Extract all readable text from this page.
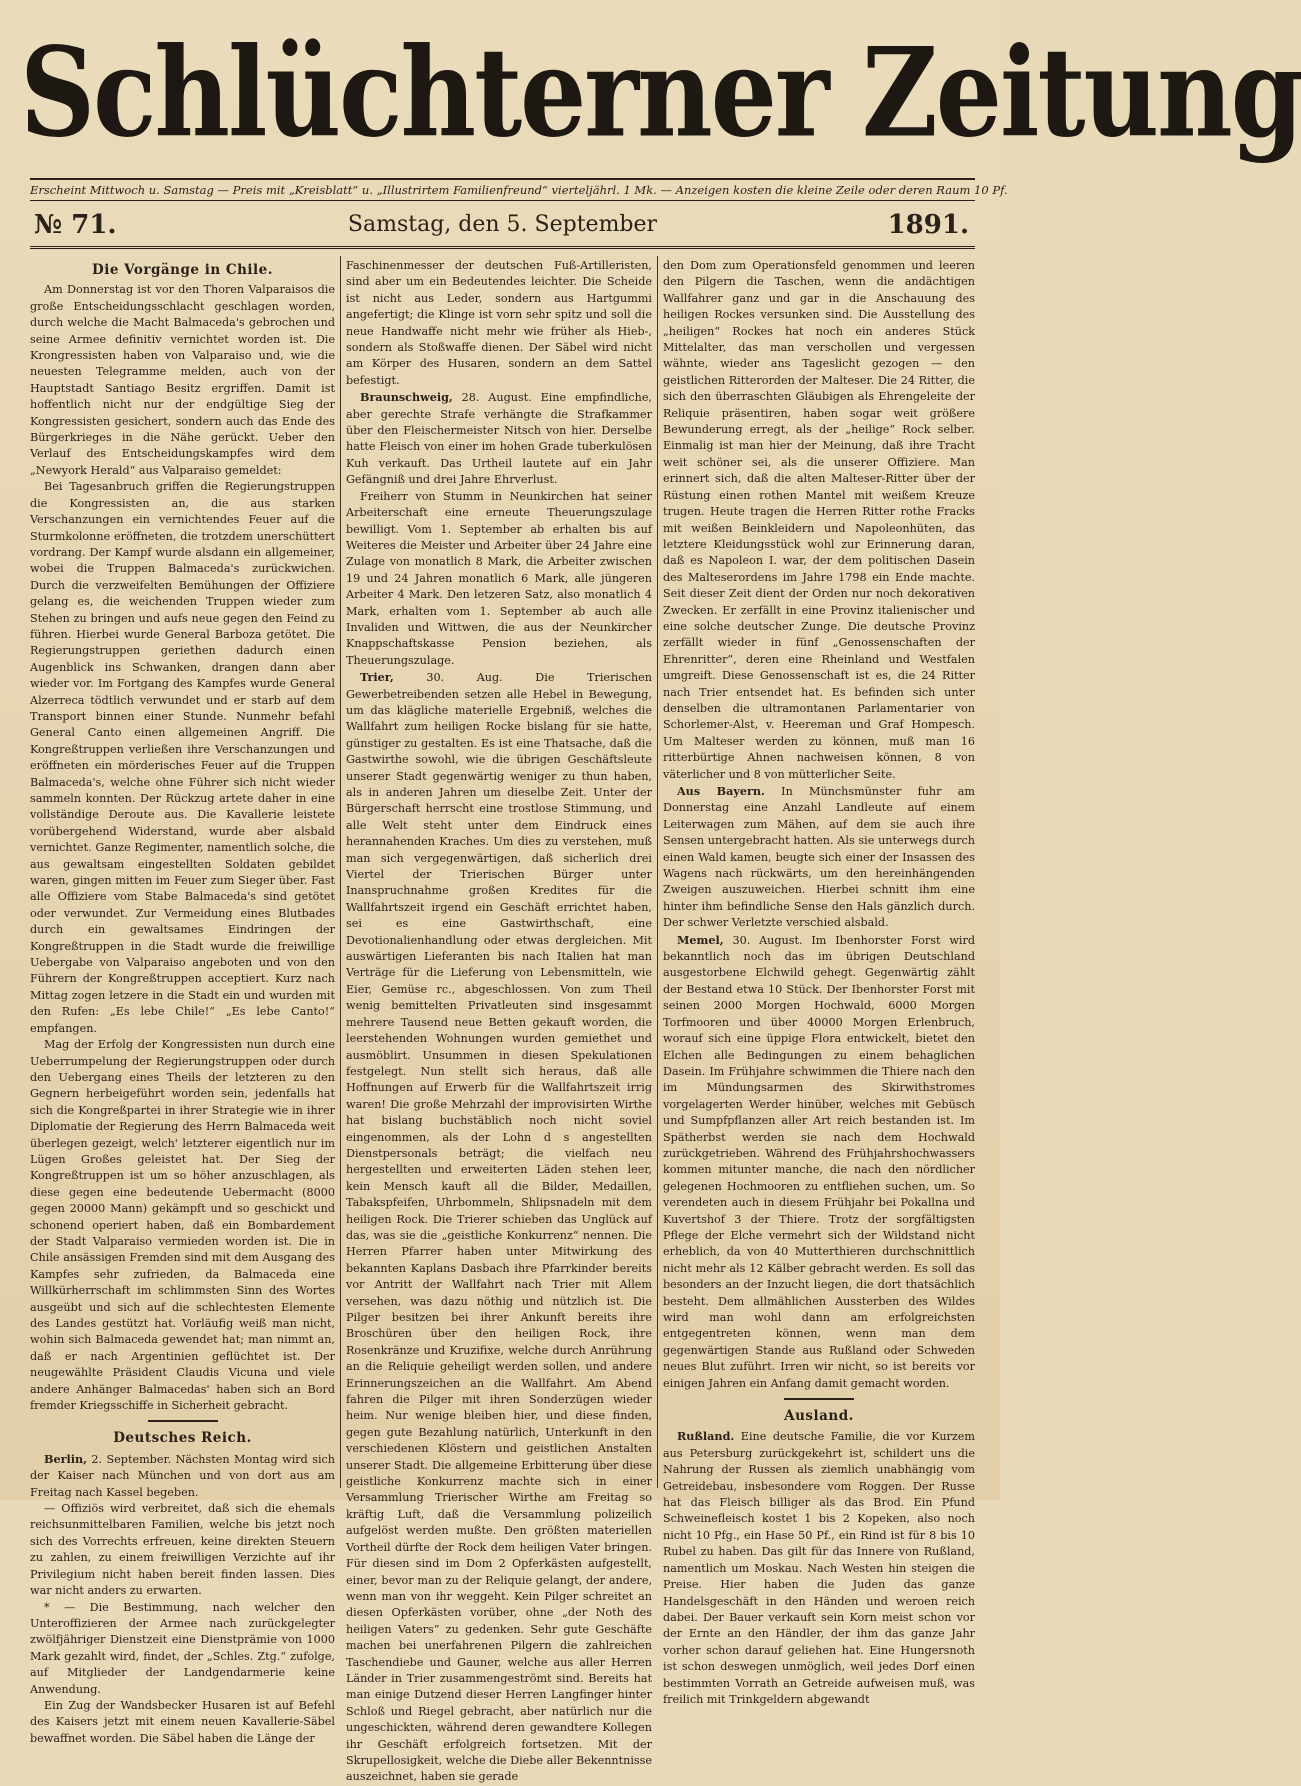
Schlüchterner Zeitung
Erscheint Mittwoch u. Samstag — Preis mit „Kreisblatt“ u. „Illustrirtem Familienfreund“ vierteljährl. 1 Mk. — Anzeigen kosten die kleine Zeile oder deren Raum 10 Pf.
№ 71.	Samstag, den 5. September	1891.
Die Vorgänge in Chile.

Am Donnerstag ist vor den Thoren Valparaisos die große Entscheidungsschlacht geschlagen worden, durch welche die Macht Balmaceda's gebrochen und seine Armee definitiv vernichtet worden ist. Die Krongressisten haben von Valparaiso und, wie die neuesten Telegramme melden, auch von der Hauptstadt Santiago Besitz ergriffen. Damit ist hoffentlich nicht nur der endgültige Sieg der Kongressisten gesichert, sondern auch das Ende des Bürgerkrieges in die Nähe gerückt. Ueber den Verlauf des Entscheidungskampfes wird dem „Newyork Herald“ aus Valparaiso gemeldet:

Bei Tagesanbruch griffen die Regierungstruppen die Kongressisten an, die aus starken Verschanzungen ein vernichtendes Feuer auf die Sturmkolonne eröffneten, die trotzdem unerschüttert vordrang. Der Kampf wurde alsdann ein allgemeiner, wobei die Truppen Balmaceda's zurückwichen. Durch die verzweifelten Bemühungen der Offiziere gelang es, die weichenden Truppen wieder zum Stehen zu bringen und aufs neue gegen den Feind zu führen. Hierbei wurde General Barboza getötet. Die Regierungstruppen geriethen dadurch einen Augenblick ins Schwanken, drangen dann aber wieder vor. Im Fortgang des Kampfes wurde General Alzerreca tödtlich verwundet und er starb auf dem Transport binnen einer Stunde. Nunmehr befahl General Canto einen allgemeinen Angriff. Die Kongreßtruppen verließen ihre Verschanzungen und eröffneten ein mörderisches Feuer auf die Truppen Balmaceda's, welche ohne Führer sich nicht wieder sammeln konnten. Der Rückzug artete daher in eine vollständige Deroute aus. Die Kavallerie leistete vorübergehend Widerstand, wurde aber alsbald vernichtet. Ganze Regimenter, namentlich solche, die aus gewaltsam eingestellten Soldaten gebildet waren, gingen mitten im Feuer zum Sieger über. Fast alle Offiziere vom Stabe Balmaceda's sind getötet oder verwundet. Zur Vermeidung eines Blutbades durch ein gewaltsames Eindringen der Kongreßtruppen in die Stadt wurde die freiwillige Uebergabe von Valparaiso angeboten und von den Führern der Kongreßtruppen acceptiert. Kurz nach Mittag zogen letzere in die Stadt ein und wurden mit den Rufen: „Es lebe Chile!“ „Es lebe Canto!“ empfangen.

Mag der Erfolg der Kongressisten nun durch eine Ueberrumpelung der Regierungstruppen oder durch den Uebergang eines Theils der letzteren zu den Gegnern herbeigeführt worden sein, jedenfalls hat sich die Kongreßpartei in ihrer Strategie wie in ihrer Diplomatie der Regierung des Herrn Balmaceda weit überlegen gezeigt, welch' letzterer eigentlich nur im Lügen Großes geleistet hat. Der Sieg der Kongreßtruppen ist um so höher anzuschlagen, als diese gegen eine bedeutende Uebermacht (8000 gegen 20000 Mann) gekämpft und so geschickt und schonend operiert haben, daß ein Bombardement der Stadt Valparaiso vermieden worden ist. Die in Chile ansässigen Fremden sind mit dem Ausgang des Kampfes sehr zufrieden, da Balmaceda eine Willkürherrschaft im schlimmsten Sinn des Wortes ausgeübt und sich auf die schlechtesten Elemente des Landes gestützt hat. Vorläufig weiß man nicht, wohin sich Balmaceda gewendet hat; man nimmt an, daß er nach Argentinien geflüchtet ist. Der neugewählte Präsident Claudis Vicuna und viele andere Anhänger Balmacedas' haben sich an Bord fremder Kriegsschiffe in Sicherheit gebracht.

Deutsches Reich.

Berlin, 2. September. Nächsten Montag wird sich der Kaiser nach München und von dort aus am Freitag nach Kassel begeben.

— Offiziös wird verbreitet, daß sich die ehemals reichsunmittelbaren Familien, welche bis jetzt noch sich des Vorrechts erfreuen, keine direkten Steuern zu zahlen, zu einem freiwilligen Verzichte auf ihr Privilegium nicht haben bereit finden lassen. Dies war nicht anders zu erwarten.

* — Die Bestimmung, nach welcher den Unteroffizieren der Armee nach zurückgelegter zwölfjähriger Dienstzeit eine Dienstprämie von 1000 Mark gezahlt wird, findet, der „Schles. Ztg.“ zufolge, auf Mitglieder der Landgendarmerie keine Anwendung.

Ein Zug der Wandsbecker Husaren ist auf Befehl des Kaisers jetzt mit einem neuen Kavallerie-Säbel bewaffnet worden. Die Säbel haben die Länge der

Faschinenmesser der deutschen Fuß-Artilleristen, sind aber um ein Bedeutendes leichter. Die Scheide ist nicht aus Leder, sondern aus Hartgummi angefertigt; die Klinge ist vorn sehr spitz und soll die neue Handwaffe nicht mehr wie früher als Hieb-, sondern als Stoßwaffe dienen. Der Säbel wird nicht am Körper des Husaren, sondern an dem Sattel befestigt.

Braunschweig, 28. August. Eine empfindliche, aber gerechte Strafe verhängte die Strafkammer über den Fleischermeister Nitsch von hier. Derselbe hatte Fleisch von einer im hohen Grade tuberkulösen Kuh verkauft. Das Urtheil lautete auf ein Jahr Gefängniß und drei Jahre Ehrverlust.

Freiherr von Stumm in Neunkirchen hat seiner Arbeiterschaft eine erneute Theuerungszulage bewilligt. Vom 1. September ab erhalten bis auf Weiteres die Meister und Arbeiter über 24 Jahre eine Zulage von monatlich 8 Mark, die Arbeiter zwischen 19 und 24 Jahren monatlich 6 Mark, alle jüngeren Arbeiter 4 Mark. Den letzeren Satz, also monatlich 4 Mark, erhalten vom 1. September ab auch alle Invaliden und Wittwen, die aus der Neunkircher Knappschaftskasse Pension beziehen, als Theuerungszulage.

Trier, 30. Aug. Die Trierischen Gewerbetreibenden setzen alle Hebel in Bewegung, um das klägliche materielle Ergebniß, welches die Wallfahrt zum heiligen Rocke bislang für sie hatte, günstiger zu gestalten. Es ist eine Thatsache, daß die Gastwirthe sowohl, wie die übrigen Geschäftsleute unserer Stadt gegenwärtig weniger zu thun haben, als in anderen Jahren um dieselbe Zeit. Unter der Bürgerschaft herrscht eine trostlose Stimmung, und alle Welt steht unter dem Eindruck eines herannahenden Kraches. Um dies zu verstehen, muß man sich vergegenwärtigen, daß sicherlich drei Viertel der Trierischen Bürger unter Inanspruchnahme großen Kredites für die Wallfahrtszeit irgend ein Geschäft errichtet haben, sei es eine Gastwirthschaft, eine Devotionalienhandlung oder etwas dergleichen. Mit auswärtigen Lieferanten bis nach Italien hat man Verträge für die Lieferung von Lebensmitteln, wie Eier, Gemüse rc., abgeschlossen. Von zum Theil wenig bemittelten Privatleuten sind insgesammt mehrere Tausend neue Betten gekauft worden, die leerstehenden Wohnungen wurden gemiethet und ausmöblirt. Unsummen in diesen Spekulationen festgelegt. Nun stellt sich heraus, daß alle Hoffnungen auf Erwerb für die Wallfahrtszeit irrig waren! Die große Mehrzahl der improvisirten Wirthe hat bislang buchstäblich noch nicht soviel eingenommen, als der Lohn d s angestellten Dienstpersonals beträgt; die vielfach neu hergestellten und erweiterten Läden stehen leer, kein Mensch kauft all die Bilder, Medaillen, Tabakspfeifen, Uhrbommeln, Shlipsnadeln mit dem heiligen Rock. Die Trierer schieben das Unglück auf das, was sie die „geistliche Konkurrenz“ nennen. Die Herren Pfarrer haben unter Mitwirkung des bekannten Kaplans Dasbach ihre Pfarrkinder bereits vor Antritt der Wallfahrt nach Trier mit Allem versehen, was dazu nöthig und nützlich ist. Die Pilger besitzen bei ihrer Ankunft bereits ihre Broschüren über den heiligen Rock, ihre Rosenkränze und Kruzifixe, welche durch Anrührung an die Reliquie geheiligt werden sollen, und andere Erinnerungszeichen an die Wallfahrt. Am Abend fahren die Pilger mit ihren Sonderzügen wieder heim. Nur wenige bleiben hier, und diese finden, gegen gute Bezahlung natürlich, Unterkunft in den verschiedenen Klöstern und geistlichen Anstalten unserer Stadt. Die allgemeine Erbitterung über diese geistliche Konkurrenz machte sich in einer Versammlung Trierischer Wirthe am Freitag so kräftig Luft, daß die Versammlung polizeilich aufgelöst werden mußte. Den größten materiellen Vortheil dürfte der Rock dem heiligen Vater bringen. Für diesen sind im Dom 2 Opferkästen aufgestellt, einer, bevor man zu der Reliquie gelangt, der andere, wenn man von ihr weggeht. Kein Pilger schreitet an diesen Opferkästen vorüber, ohne „der Noth des heiligen Vaters“ zu gedenken. Sehr gute Geschäfte machen bei unerfahrenen Pilgern die zahlreichen Taschendiebe und Gauner, welche aus aller Herren Länder in Trier zusammengeströmt sind. Bereits hat man einige Dutzend dieser Herren Langfinger hinter Schloß und Riegel gebracht, aber natürlich nur die ungeschickten, während deren gewandtere Kollegen ihr Geschäft erfolgreich fortsetzen. Mit der Skrupellosigkeit, welche die Diebe aller Bekenntnisse auszeichnet, haben sie gerade

den Dom zum Operationsfeld genommen und leeren den Pilgern die Taschen, wenn die andächtigen Wallfahrer ganz und gar in die Anschauung des heiligen Rockes versunken sind. Die Ausstellung des „heiligen“ Rockes hat noch ein anderes Stück Mittelalter, das man verschollen und vergessen wähnte, wieder ans Tageslicht gezogen — den geistlichen Ritterorden der Malteser. Die 24 Ritter, die sich den überraschten Gläubigen als Ehrengeleite der Reliquie präsentiren, haben sogar weit größere Bewunderung erregt, als der „heilige“ Rock selber. Einmalig ist man hier der Meinung, daß ihre Tracht weit schöner sei, als die unserer Offiziere. Man erinnert sich, daß die alten Malteser-Ritter über der Rüstung einen rothen Mantel mit weißem Kreuze trugen. Heute tragen die Herren Ritter rothe Fracks mit weißen Beinkleidern und Napoleonhüten, das letztere Kleidungsstück wohl zur Erinnerung daran, daß es Napoleon I. war, der dem politischen Dasein des Malteserordens im Jahre 1798 ein Ende machte. Seit dieser Zeit dient der Orden nur noch dekorativen Zwecken. Er zerfällt in eine Provinz italienischer und eine solche deutscher Zunge. Die deutsche Provinz zerfällt wieder in fünf „Genossenschaften der Ehrenritter“, deren eine Rheinland und Westfalen umgreift. Diese Genossenschaft ist es, die 24 Ritter nach Trier entsendet hat. Es befinden sich unter denselben die ultramontanen Parlamentarier von Schorlemer-Alst, v. Heereman und Graf Hompesch. Um Malteser werden zu können, muß man 16 ritterbürtige Ahnen nachweisen können, 8 von väterlicher und 8 von mütterlicher Seite.

Aus Bayern. In Münchsmünster fuhr am Donnerstag eine Anzahl Landleute auf einem Leiterwagen zum Mähen, auf dem sie auch ihre Sensen untergebracht hatten. Als sie unterwegs durch einen Wald kamen, beugte sich einer der Insassen des Wagens nach rückwärts, um den hereinhängenden Zweigen auszuweichen. Hierbei schnitt ihm eine hinter ihm befindliche Sense den Hals gänzlich durch. Der schwer Verletzte verschied alsbald.

Memel, 30. August. Im Ibenhorster Forst wird bekanntlich noch das im übrigen Deutschland ausgestorbene Elchwild gehegt. Gegenwärtig zählt der Bestand etwa 10 Stück. Der Ibenhorster Forst mit seinen 2000 Morgen Hochwald, 6000 Morgen Torfmooren und über 40000 Morgen Erlenbruch, worauf sich eine üppige Flora entwickelt, bietet den Elchen alle Bedingungen zu einem behaglichen Dasein. Im Frühjahre schwimmen die Thiere nach den im Mündungsarmen des Skirwithstromes vorgelagerten Werder hinüber, welches mit Gebüsch und Sumpfpflanzen aller Art reich bestanden ist. Im Spätherbst werden sie nach dem Hochwald zurückgetrieben. Während des Frühjahrshochwassers kommen mitunter manche, die nach den nördlicher gelegenen Hochmooren zu entfliehen suchen, um. So verendeten auch in diesem Frühjahr bei Pokallna und Kuvertshof 3 der Thiere. Trotz der sorgfältigsten Pflege der Elche vermehrt sich der Wildstand nicht erheblich, da von 40 Mutterthieren durchschnittlich nicht mehr als 12 Kälber gebracht werden. Es soll das besonders an der Inzucht liegen, die dort thatsächlich besteht. Dem allmählichen Aussterben des Wildes wird man wohl dann am erfolgreichsten entgegentreten können, wenn man dem gegenwärtigen Stande aus Rußland oder Schweden neues Blut zuführt. Irren wir nicht, so ist bereits vor einigen Jahren ein Anfang damit gemacht worden.

Ausland.

Rußland. Eine deutsche Familie, die vor Kurzem aus Petersburg zurückgekehrt ist, schildert uns die Nahrung der Russen als ziemlich unabhängig vom Getreidebau, insbesondere vom Roggen. Der Russe hat das Fleisch billiger als das Brod. Ein Pfund Schweinefleisch kostet 1 bis 2 Kopeken, also noch nicht 10 Pfg., ein Hase 50 Pf., ein Rind ist für 8 bis 10 Rubel zu haben. Das gilt für das Innere von Rußland, namentlich um Moskau. Nach Westen hin steigen die Preise. Hier haben die Juden das ganze Handelsgeschäft in den Händen und weroen reich dabei. Der Bauer verkauft sein Korn meist schon vor der Ernte an den Händler, der ihm das ganze Jahr vorher schon darauf geliehen hat. Eine Hungersnoth ist schon deswegen unmöglich, weil jedes Dorf einen bestimmten Vorrath an Getreide aufweisen muß, was freilich mit Trinkgeldern abgewandt
